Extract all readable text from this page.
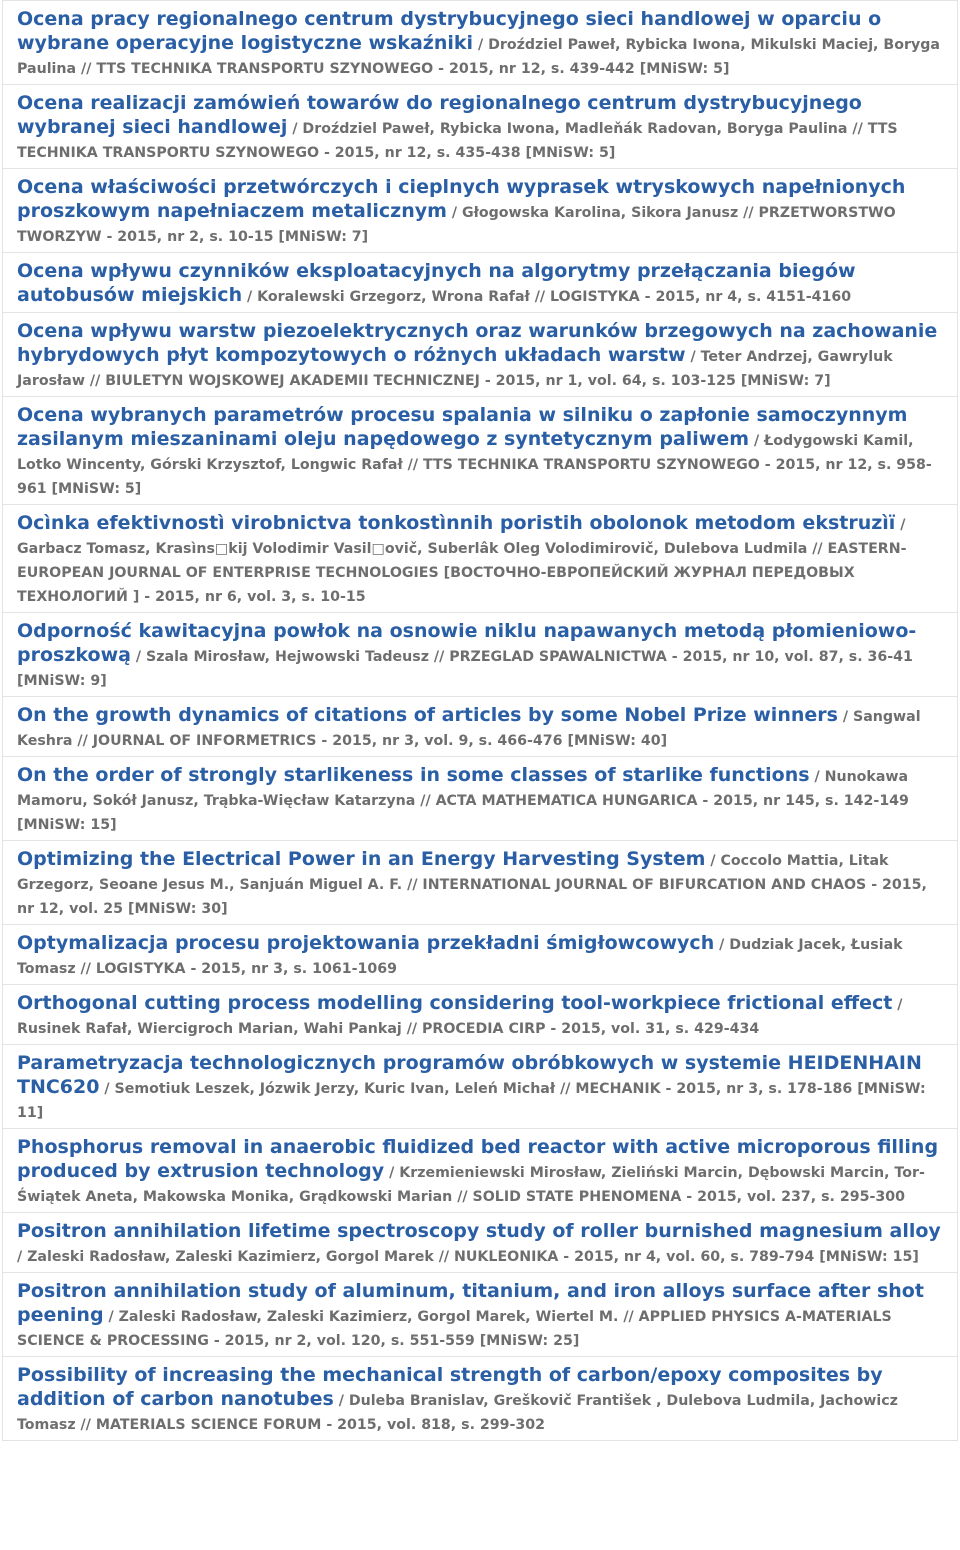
Ocena pracy regionalnego centrum dystrybucyjnego sieci handlowej w oparciu o wybrane operacyjne logistyczne wskaźniki / Droździel Paweł, Rybicka Iwona, Mikulski Maciej, Boryga Paulina // TTS TECHNIKA TRANSPORTU SZYNOWEGO - 2015, nr 12, s. 439-442 [MNiSW: 5]
Ocena realizacji zamówień towarów do regionalnego centrum dystrybucyjnego wybranej sieci handlowej / Droździel Paweł, Rybicka Iwona, Madleňák Radovan, Boryga Paulina // TTS TECHNIKA TRANSPORTU SZYNOWEGO - 2015, nr 12, s. 435-438 [MNiSW: 5]
Ocena właściwości przetwórczych i cieplnych wyprasek wtryskowych napełnionych proszkowym napełniaczem metalicznym / Głogowska Karolina, Sikora Janusz // PRZETWORSTWO TWORZYW - 2015, nr 2, s. 10-15 [MNiSW: 7]
Ocena wpływu czynników eksploatacyjnych na algorytmy przełączania biegów autobusów miejskich / Koralewski Grzegorz, Wrona Rafał // LOGISTYKA - 2015, nr 4, s. 4151-4160
Ocena wpływu warstw piezoelektrycznych oraz warunków brzegowych na zachowanie hybrydowych płyt kompozytowych o różnych układach warstw / Teter Andrzej, Gawryluk Jarosław // BIULETYN WOJSKOWEJ AKADEMII TECHNICZNEJ - 2015, nr 1, vol. 64, s. 103-125 [MNiSW: 7]
Ocena wybranych parametrów procesu spalania w silniku o zapłonie samoczynnym zasilanym mieszaninami oleju napędowego z syntetycznym paliwem / Łodygowski Kamil, Lotko Wincenty, Górski Krzysztof, Longwic Rafał // TTS TECHNIKA TRANSPORTU SZYNOWEGO - 2015, nr 12, s. 958-961 [MNiSW: 5]
Ocìnka efektivnostì virobnictva tonkostìnnih poristih obolonok metodom ekstruzìï / Garbacz Tomasz, Krasìns□kij Volodimir Vasil□ovič, Suberlâk Oleg Volodimirovič, Dulebova Ludmila // EASTERN-EUROPEAN JOURNAL OF ENTERPRISE TECHNOLOGIES [ВОСТОЧНО-ЕВРОПЕЙСКИЙ ЖУРНАЛ ПЕРЕДОВЫХ ТЕХНОЛОГИЙ ] - 2015, nr 6, vol. 3, s. 10-15
Odporność kawitacyjna powłok na osnowie niklu napawanych metodą płomieniowo-proszkową / Szala Mirosław, Hejwowski Tadeusz // PRZEGLAD SPAWALNICTWA - 2015, nr 10, vol. 87, s. 36-41 [MNiSW: 9]
On the growth dynamics of citations of articles by some Nobel Prize winners / Sangwal Keshra // JOURNAL OF INFORMETRICS - 2015, nr 3, vol. 9, s. 466-476 [MNiSW: 40]
On the order of strongly starlikeness in some classes of starlike functions / Nunokawa Mamoru, Sokół Janusz, Trąbka-Więcław Katarzyna // ACTA MATHEMATICA HUNGARICA - 2015, nr 145, s. 142-149 [MNiSW: 15]
Optimizing the Electrical Power in an Energy Harvesting System / Coccolo Mattia, Litak Grzegorz, Seoane Jesus M., Sanjuán Miguel A. F. // INTERNATIONAL JOURNAL OF BIFURCATION AND CHAOS - 2015, nr 12, vol. 25 [MNiSW: 30]
Optymalizacja procesu projektowania przekładni śmigłowcowych / Dudziak Jacek, Łusiak Tomasz // LOGISTYKA - 2015, nr 3, s. 1061-1069
Orthogonal cutting process modelling considering tool-workpiece frictional effect / Rusinek Rafał, Wiercigroch Marian, Wahi Pankaj // PROCEDIA CIRP - 2015, vol. 31, s. 429-434
Parametryzacja technologicznych programów obróbkowych w systemie HEIDENHAIN TNC620 / Semotiuk Leszek, Józwik Jerzy, Kuric Ivan, Leleń Michał // MECHANIK - 2015, nr 3, s. 178-186 [MNiSW: 11]
Phosphorus removal in anaerobic fluidized bed reactor with active microporous filling produced by extrusion technology / Krzemieniewski Mirosław, Zieliński Marcin, Dębowski Marcin, Tor-Świątek Aneta, Makowska Monika, Grądkowski Marian // SOLID STATE PHENOMENA - 2015, vol. 237, s. 295-300
Positron annihilation lifetime spectroscopy study of roller burnished magnesium alloy / Zaleski Radosław, Zaleski Kazimierz, Gorgol Marek // NUKLEONIKA - 2015, nr 4, vol. 60, s. 789-794 [MNiSW: 15]
Positron annihilation study of aluminum, titanium, and iron alloys surface after shot peening / Zaleski Radosław, Zaleski Kazimierz, Gorgol Marek, Wiertel M. // APPLIED PHYSICS A-MATERIALS SCIENCE & PROCESSING - 2015, nr 2, vol. 120, s. 551-559 [MNiSW: 25]
Possibility of increasing the mechanical strength of carbon/epoxy composites by addition of carbon nanotubes / Duleba Branislav, Greškovič František , Dulebova Ludmila, Jachowicz Tomasz // MATERIALS SCIENCE FORUM - 2015, vol. 818, s. 299-302
